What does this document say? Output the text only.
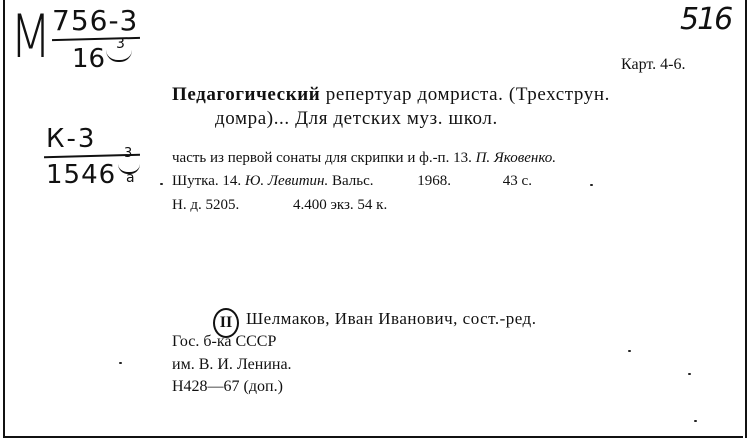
М 756-3
16 3
К-3
1546
3
а
516
Карт. 4-6.
Педагогический репертуар домриста. (Трехструн.
домра)... Для детских муз. школ.
часть из первой сонаты для скрипки и ф.-п. 13. П. Яковенко.
Шутка. 14. Ю. Левитин. Вальс.	1968.	43 с.
Н. д. 5205.	4.400 экз. 54 к.
II Шелмаков, Иван Иванович, сост.-ред.
Гос. б-ка СССР
им. В. И. Ленина.
Н428—67 (доп.)
